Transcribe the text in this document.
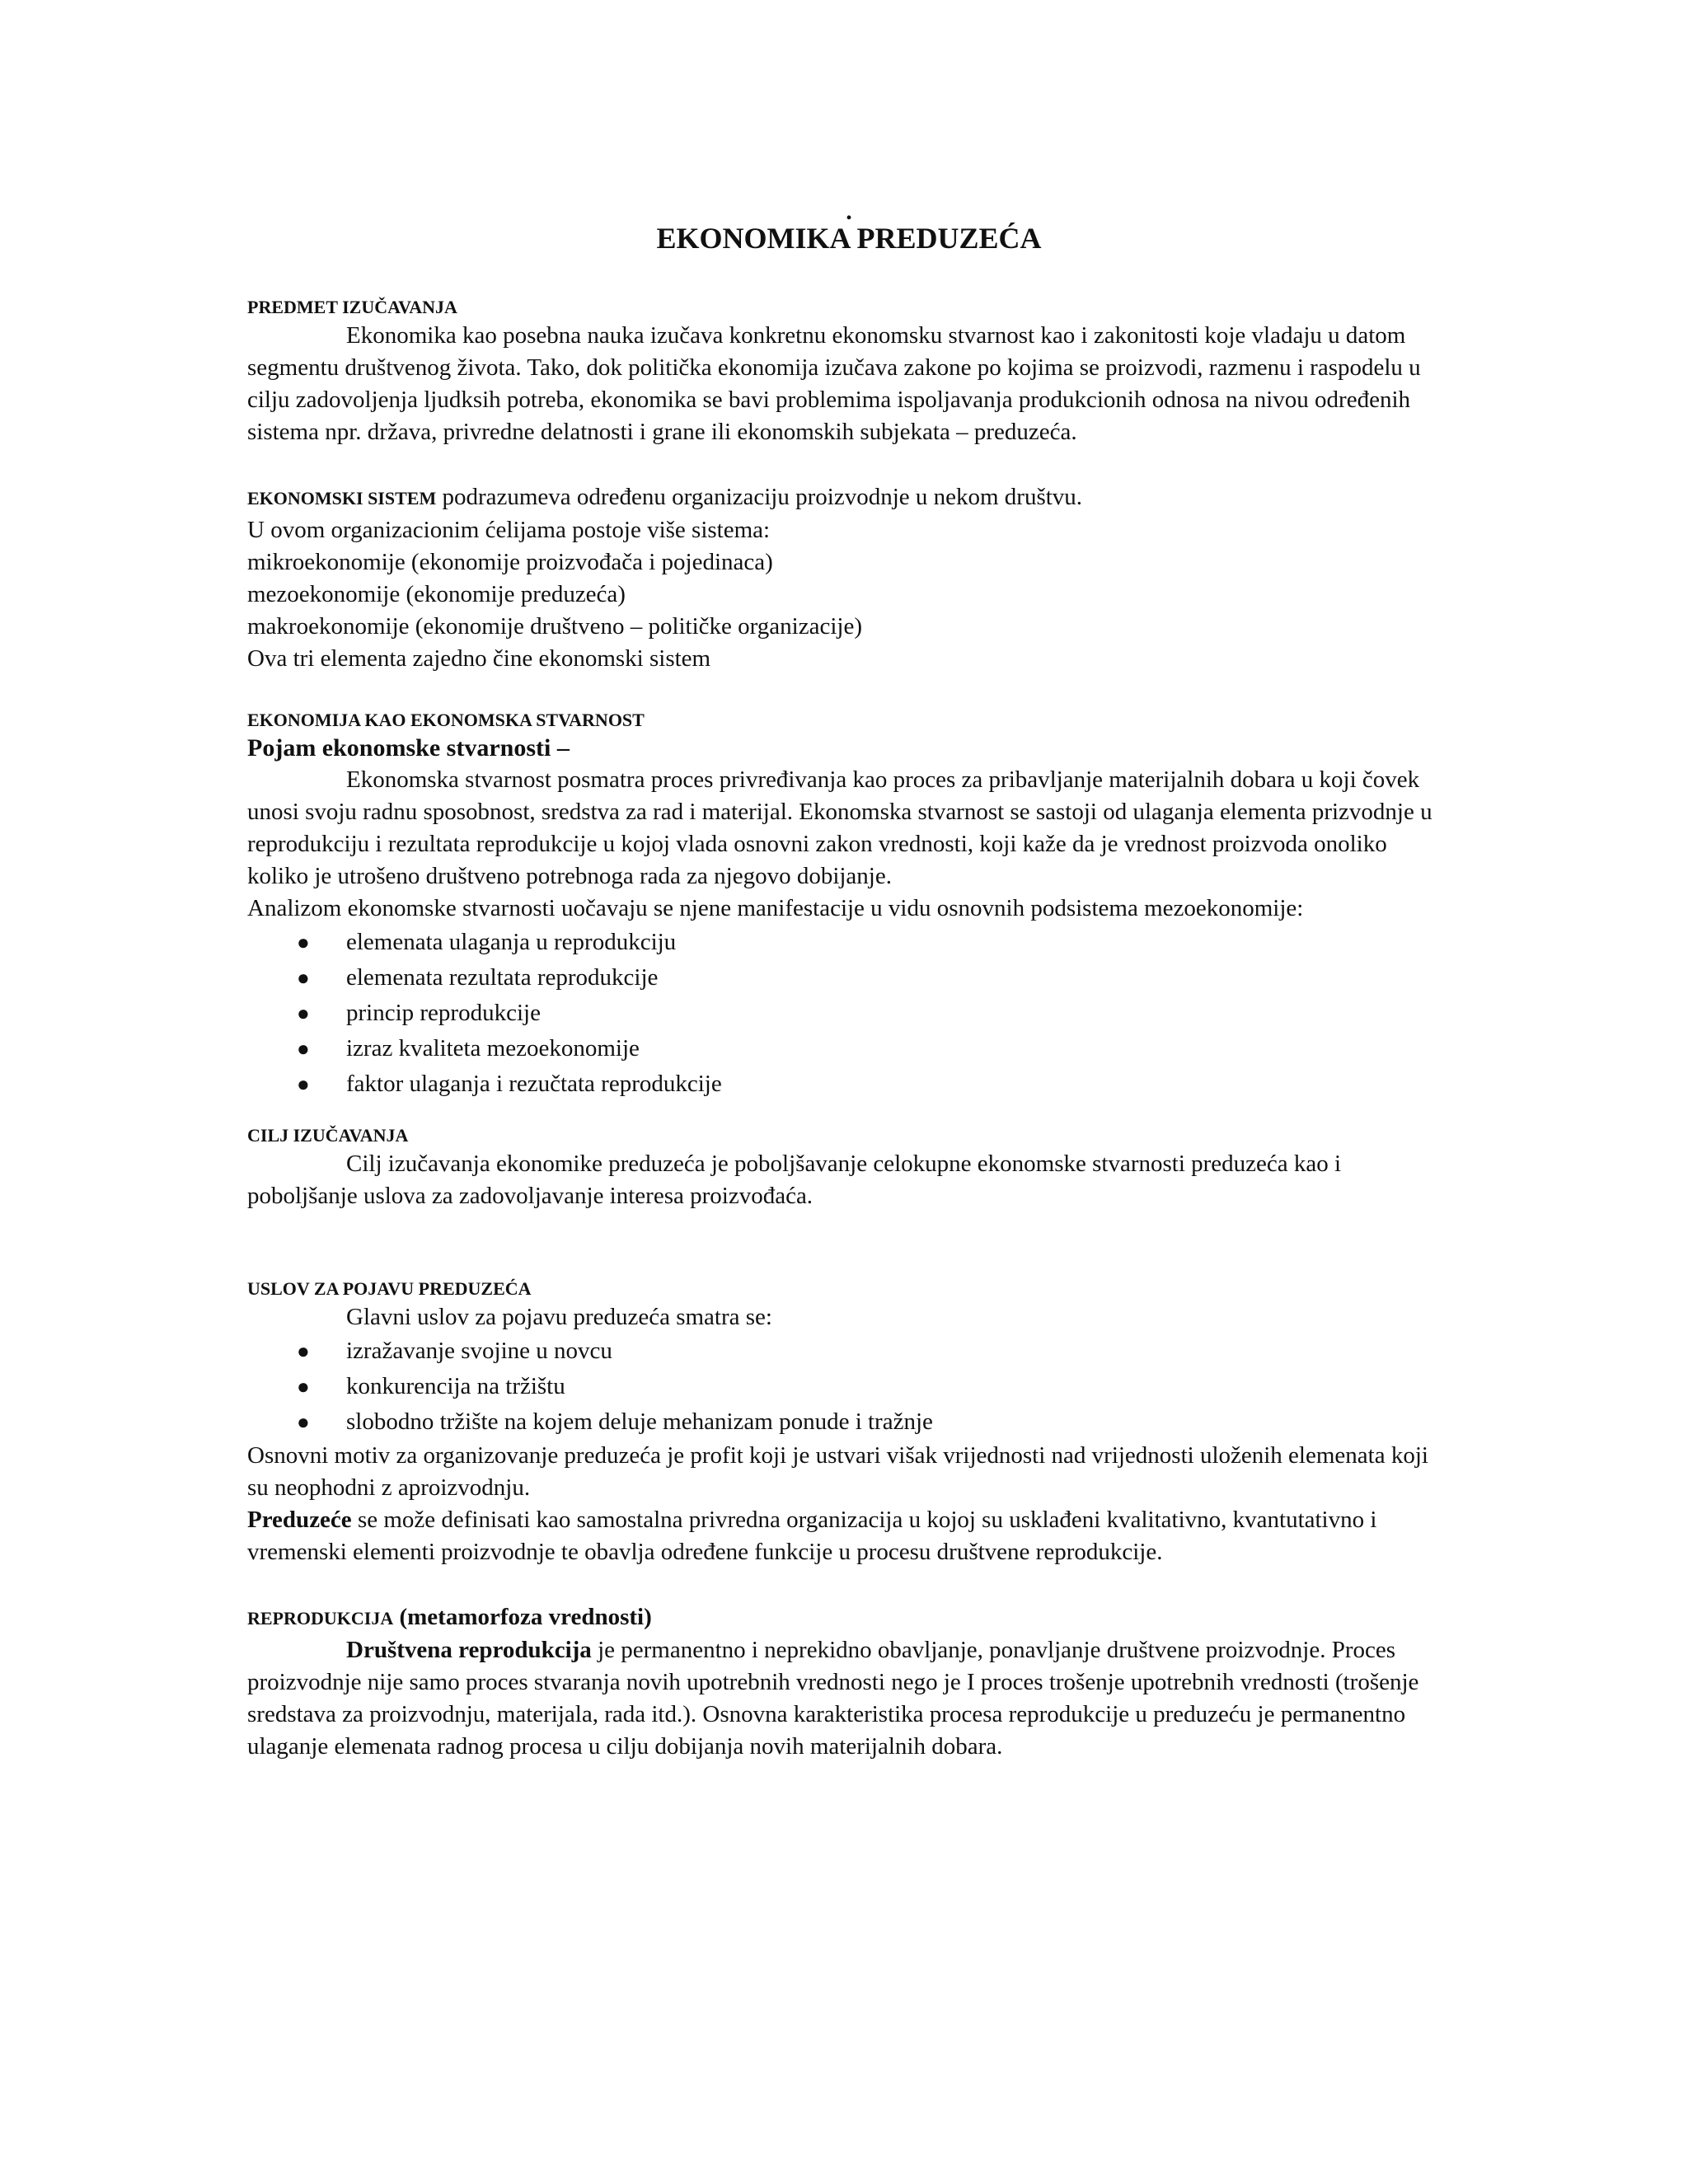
.
EKONOMIKA PREDUZEĆA
PREDMET IZUČAVANJA

Ekonomika kao posebna nauka izučava konkretnu ekonomsku stvarnost kao i zakonitosti koje vladaju u datom segmentu društvenog života. Tako, dok politička ekonomija izučava zakone po kojima se proizvodi, razmenu i raspodelu u cilju zadovoljenja ljudksih potreba, ekonomika se bavi problemima ispoljavanja produkcionih odnosa na nivou određenih sistema npr. država, privredne delatnosti i grane ili ekonomskih subjekata – preduzeća.

EKONOMSKI SISTEM podrazumeva određenu organizaciju proizvodnje u nekom društvu.

U ovom organizacionim ćelijama postoje više sistema:

mikroekonomije (ekonomije proizvođača i pojedinaca)

mezoekonomije (ekonomije preduzeća)

makroekonomije (ekonomije društveno – političke organizacije)

Ova tri elementa zajedno čine ekonomski sistem

EKONOMIJA KAO EKONOMSKA STVARNOST
Pojam ekonomske stvarnosti –

Ekonomska stvarnost posmatra proces privređivanja kao proces za pribavljanje materijalnih dobara u koji čovek unosi svoju radnu sposobnost, sredstva za rad i materijal. Ekonomska stvarnost se sastoji od ulaganja elementa prizvodnje u reprodukciju i rezultata reprodukcije u kojoj vlada osnovni zakon vrednosti, koji kaže da je vrednost proizvoda onoliko koliko je utrošeno društveno potrebnoga rada za njegovo dobijanje.

Analizom ekonomske stvarnosti uočavaju se njene manifestacije u vidu osnovnih podsistema mezoekonomije:

● elemenata ulaganja u reprodukciju
● elemenata rezultata reprodukcije
● princip reprodukcije
● izraz kvaliteta mezoekonomije
● faktor ulaganja i rezučtata reprodukcije
CILJ IZUČAVANJA

Cilj izučavanja ekonomike preduzeća je poboljšavanje celokupne ekonomske stvarnosti preduzeća kao i poboljšanje uslova za zadovoljavanje interesa proizvođaća.

USLOV ZA POJAVU PREDUZEĆA

Glavni uslov za pojavu preduzeća smatra se:

● izražavanje svojine u novcu
● konkurencija na tržištu
● slobodno tržište na kojem deluje mehanizam ponude i tražnje

Osnovni motiv za organizovanje preduzeća je profit koji je ustvari višak vrijednosti nad vrijednosti uloženih elemenata koji su neophodni z aproizvodnju.

Preduzeće se može definisati kao samostalna privredna organizacija u kojoj su usklađeni kvalitativno, kvantutativno i vremenski elementi proizvodnje te obavlja određene funkcije u procesu društvene reprodukcije.

REPRODUKCIJA (metamorfoza vrednosti)

Društvena reprodukcija je permanentno i neprekidno obavljanje, ponavljanje društvene proizvodnje. Proces proizvodnje nije samo proces stvaranja novih upotrebnih vrednosti nego je I proces trošenje upotrebnih vrednosti (trošenje sredstava za proizvodnju, materijala, rada itd.). Osnovna karakteristika procesa reprodukcije u preduzeću je permanentno ulaganje elemenata radnog procesa u cilju dobijanja novih materijalnih dobara.
